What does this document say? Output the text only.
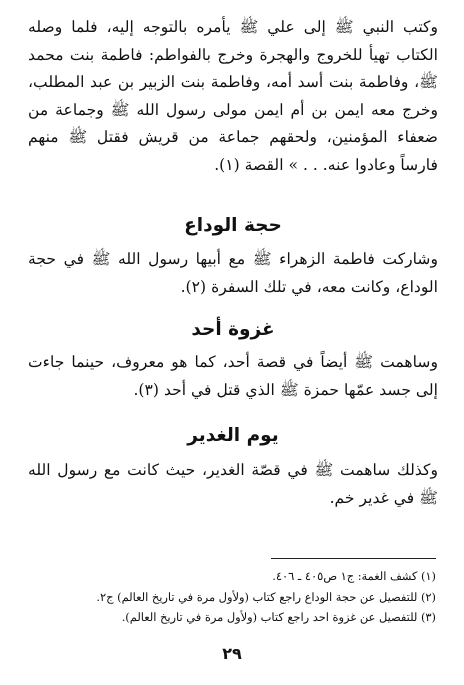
وكتب النبي ﷺ إلى علي ﷺ يأمره بالتوجه إليه، فلما وصله الكتاب تهيأ للخروج والهجرة وخرج بالفواطم: فاطمة بنت محمد ﷺ، وفاطمة بنت أسد أمه، وفاطمة بنت الزبير بن عبد المطلب، وخرج معه ايمن بن أم ايمن مولى رسول الله ﷺ وجماعة من ضعفاء المؤمنين، ولحقهم جماعة من قريش فقتل ﷺ منهم فارساً وعادوا عنه. . . » القصة (١).

حجة الوداع

وشاركت فاطمة الزهراء ﷺ مع أبيها رسول الله ﷺ في حجة الوداع، وكانت معه، في تلك السفرة (٢).

غزوة أحد

وساهمت ﷺ أيضاً في قصة أحد، كما هو معروف، حينما جاءت إلى جسد عمّها حمزة ﷺ الذي قتل في أحد (٣).

يوم الغدير

وكذلك ساهمت ﷺ في قصّة الغدير، حيث كانت مع رسول الله ﷺ في غدير خم.

(١) كشف الغمة: ج١ ص٤٠٥ ـ ٤٠٦.

(٢) للتفصيل عن حجة الوداع راجع كتاب (ولأول مرة في تاريخ العالم) ج٢.

(٣) للتفصيل عن غزوة احد راجع كتاب (ولأول مرة في تاريخ العالم).

٢٩
